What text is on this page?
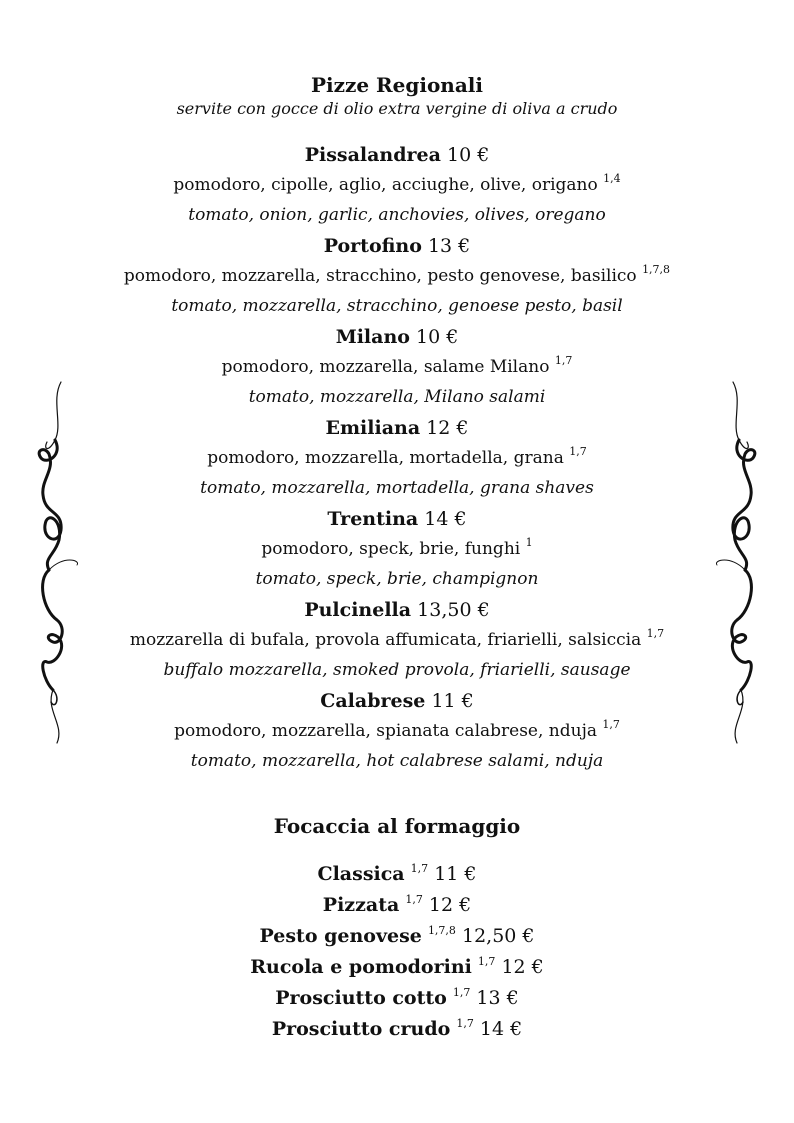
Pizze Regionali

servite con gocce di olio extra vergine di oliva a crudo

Pissalandrea 10 €
pomodoro, cipolle, aglio, acciughe, olive, origano $^{1,4}$
tomato, onion, garlic, anchovies, olives, oregano
Portofino 13 €
pomodoro, mozzarella, stracchino, pesto genovese, basilico $^{1,7,8}$
tomato, mozzarella, stracchino, genoese pesto, basil
Milano 10 €
pomodoro, mozzarella, salame Milano $^{1,7}$
tomato, mozzarella, Milano salami
Emiliana 12 €
pomodoro, mozzarella, mortadella, grana $^{1,7}$
tomato, mozzarella, mortadella, grana shaves
Trentina 14 €
pomodoro, speck, brie, funghi $^1$
tomato, speck, brie, champignon
Pulcinella 13,50 €
mozzarella di bufala, provola affumicata, friarielli, salsiccia $^{1,7}$
buffalo mozzarella, smoked provola, friarielli, sausage
Calabrese 11 €
pomodoro, mozzarella, spianata calabrese, nduja $^{1,7}$
tomato, mozzarella, hot calabrese salami, nduja
Focaccia al formaggio
Classica $^{1,7}$ 11 €
Pizzata $^{1,7}$ 12 €
Pesto genovese $^{1,7,8}$ 12,50 €
Rucola e pomodorini $^{1,7}$ 12 €
Prosciutto cotto $^{1,7}$ 13 €
Prosciutto crudo $^{1,7}$ 14 €
